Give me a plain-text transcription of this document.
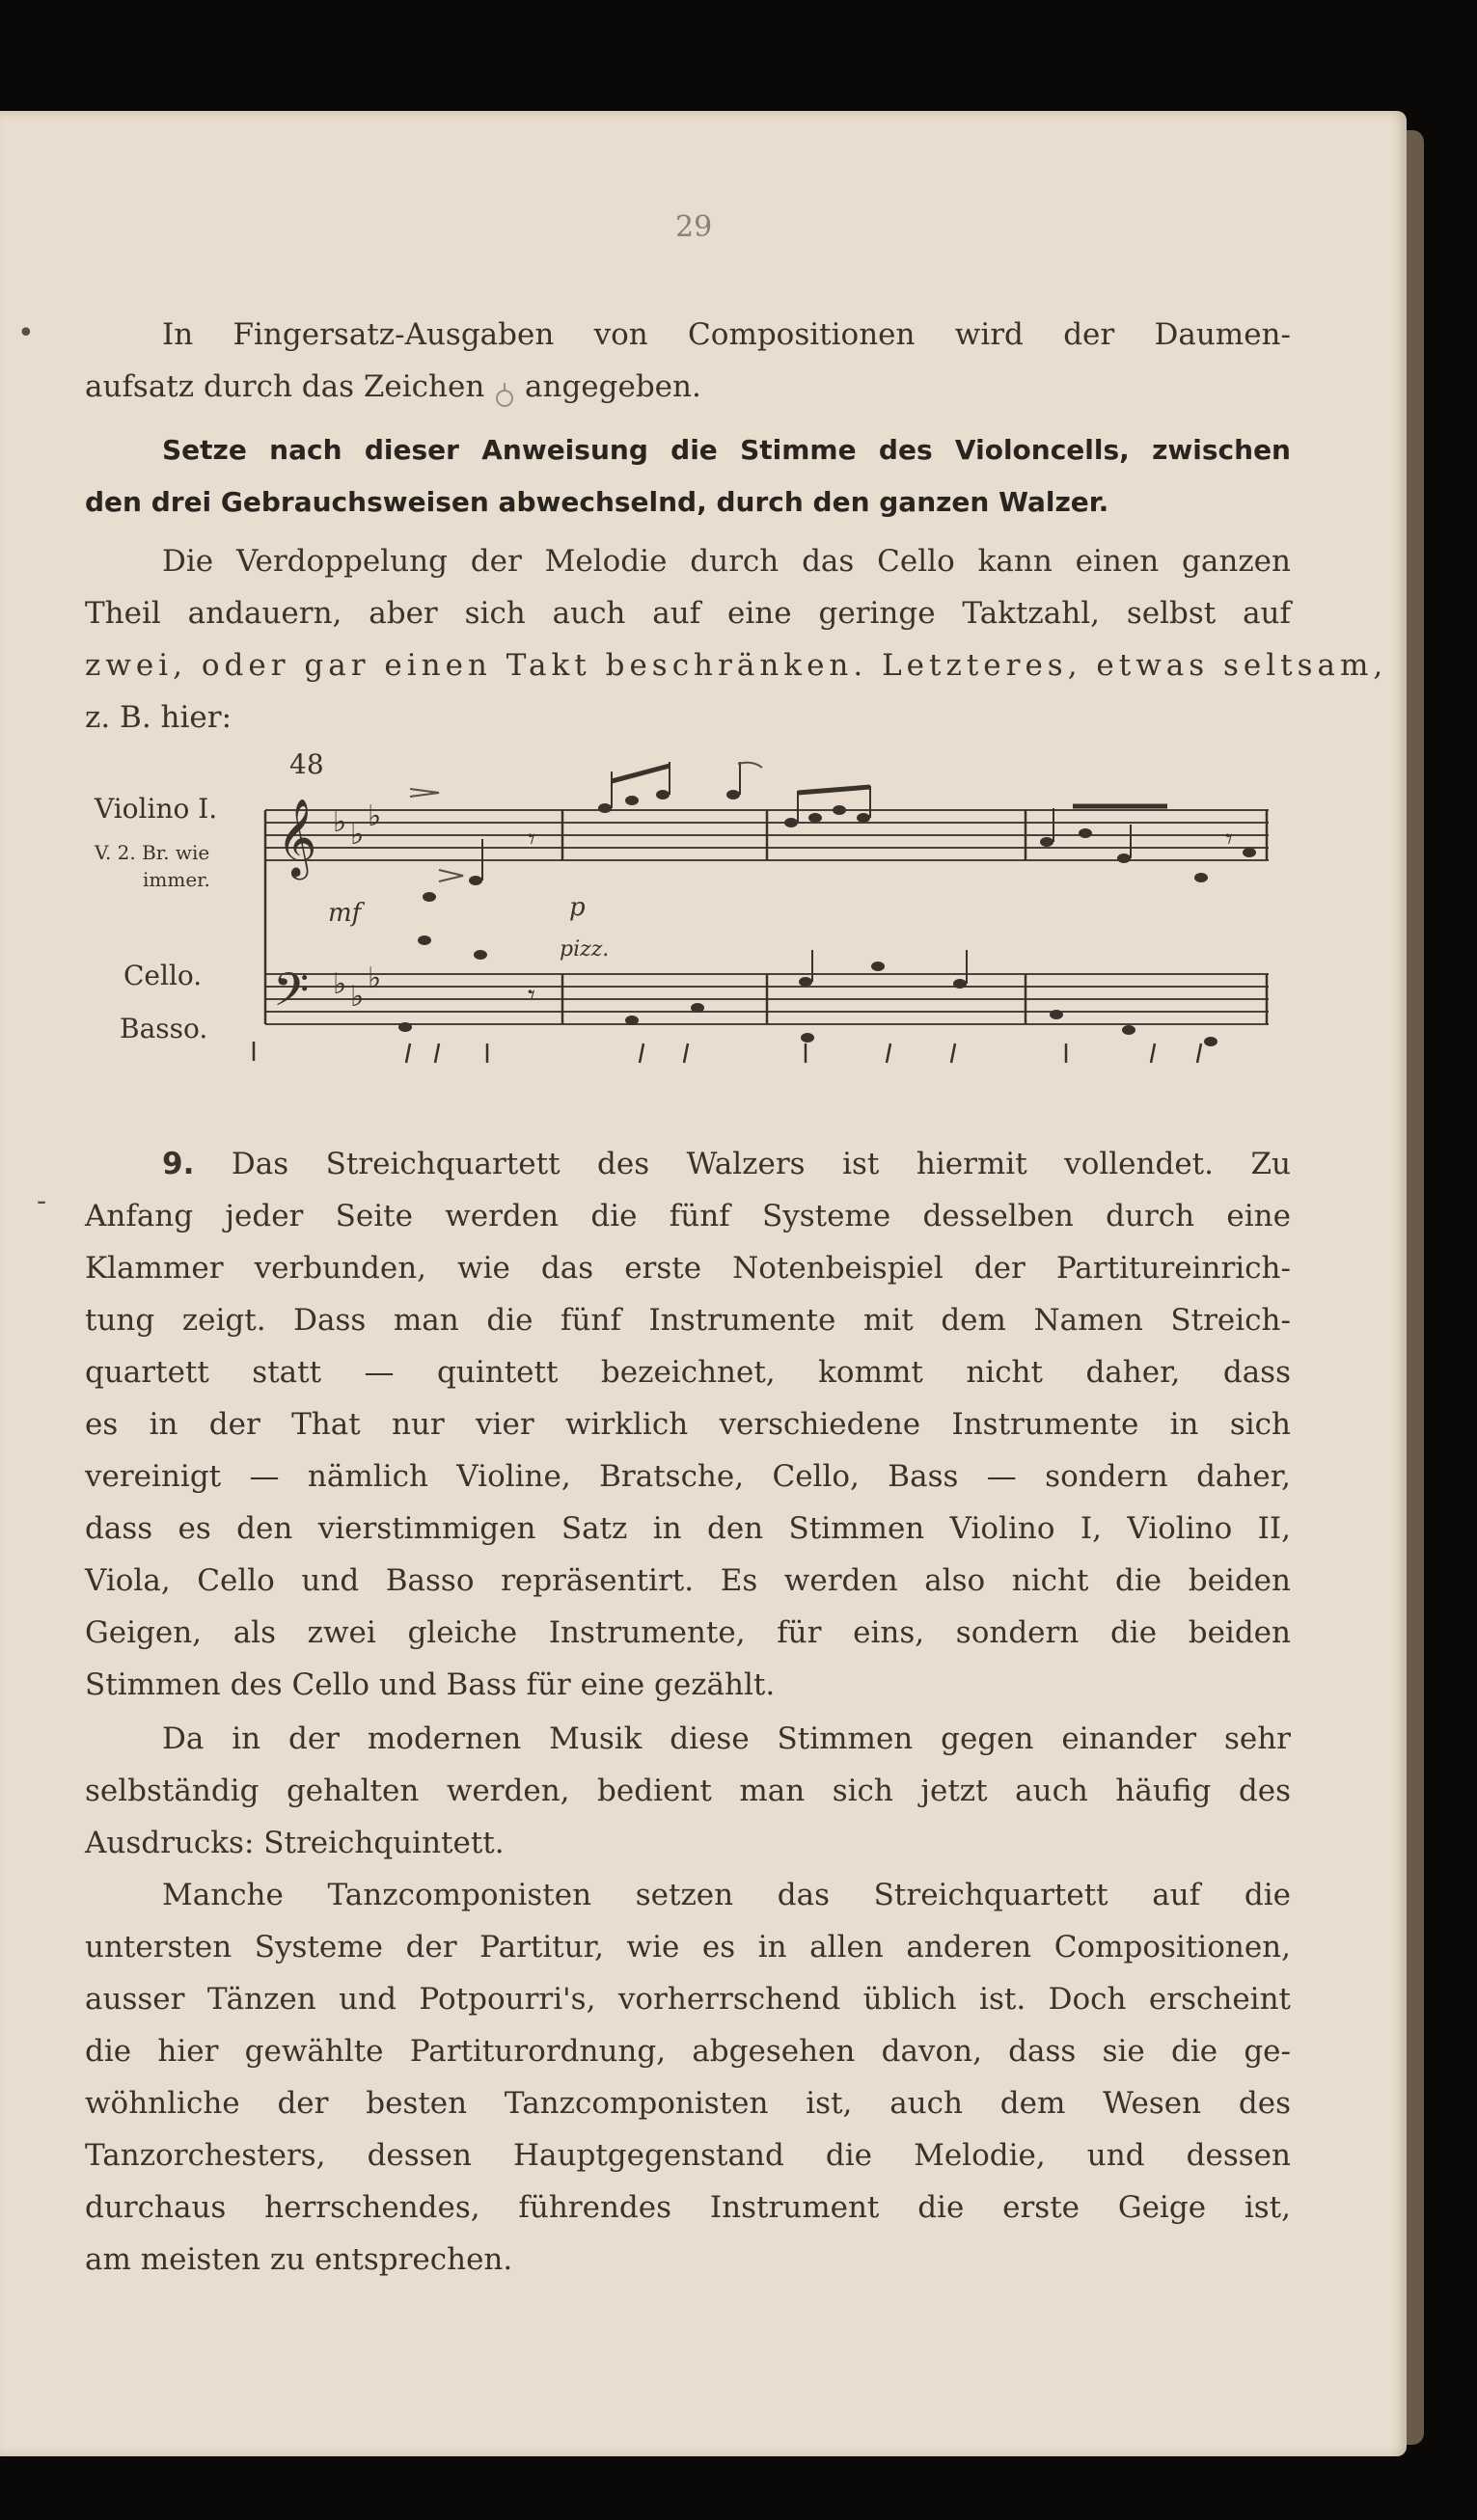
29
•
-
In Fingersatz-Ausgaben von Compositionen wird der Daumen-
aufsatz durch das Zeichen angegeben.
Setze nach dieser Anweisung die Stimme des Violoncells, zwischen
den drei Gebrauchsweisen abwechselnd, durch den ganzen Walzer.
Die Verdoppelung der Melodie durch das Cello kann einen ganzen
Theil andauern, aber sich auch auf eine geringe Taktzahl, selbst auf
zwei, oder gar einen Takt beschränken. Letzteres, etwas seltsam,
z. B. hier:
48
Violino I.
V. 2. Br. wie
immer.
Cello.
Basso.
mf	p
pizz.
𝄞
𝄢
♭ ♭
♭
♭ ♭
♭
𝄾	𝄾
𝄾
9. Das Streichquartett des Walzers ist hiermit vollendet. Zu
Anfang jeder Seite werden die fünf Systeme desselben durch eine
Klammer verbunden, wie das erste Notenbeispiel der Partitureinrich-
tung zeigt. Dass man die fünf Instrumente mit dem Namen Streich-
quartett statt — quintett bezeichnet, kommt nicht daher, dass
es in der That nur vier wirklich verschiedene Instrumente in sich
vereinigt — nämlich Violine, Bratsche, Cello, Bass — sondern daher,
dass es den vierstimmigen Satz in den Stimmen Violino I, Violino II,
Viola, Cello und Basso repräsentirt. Es werden also nicht die beiden
Geigen, als zwei gleiche Instrumente, für eins, sondern die beiden
Stimmen des Cello und Bass für eine gezählt.
Da in der modernen Musik diese Stimmen gegen einander sehr
selbständig gehalten werden, bedient man sich jetzt auch häufig des
Ausdrucks: Streichquintett.
Manche Tanzcomponisten setzen das Streichquartett auf die
untersten Systeme der Partitur, wie es in allen anderen Compositionen,
ausser Tänzen und Potpourri's, vorherrschend üblich ist. Doch erscheint
die hier gewählte Partiturordnung, abgesehen davon, dass sie die ge-
wöhnliche der besten Tanzcomponisten ist, auch dem Wesen des
Tanzorchesters, dessen Hauptgegenstand die Melodie, und dessen
durchaus herrschendes, führendes Instrument die erste Geige ist,
am meisten zu entsprechen.
